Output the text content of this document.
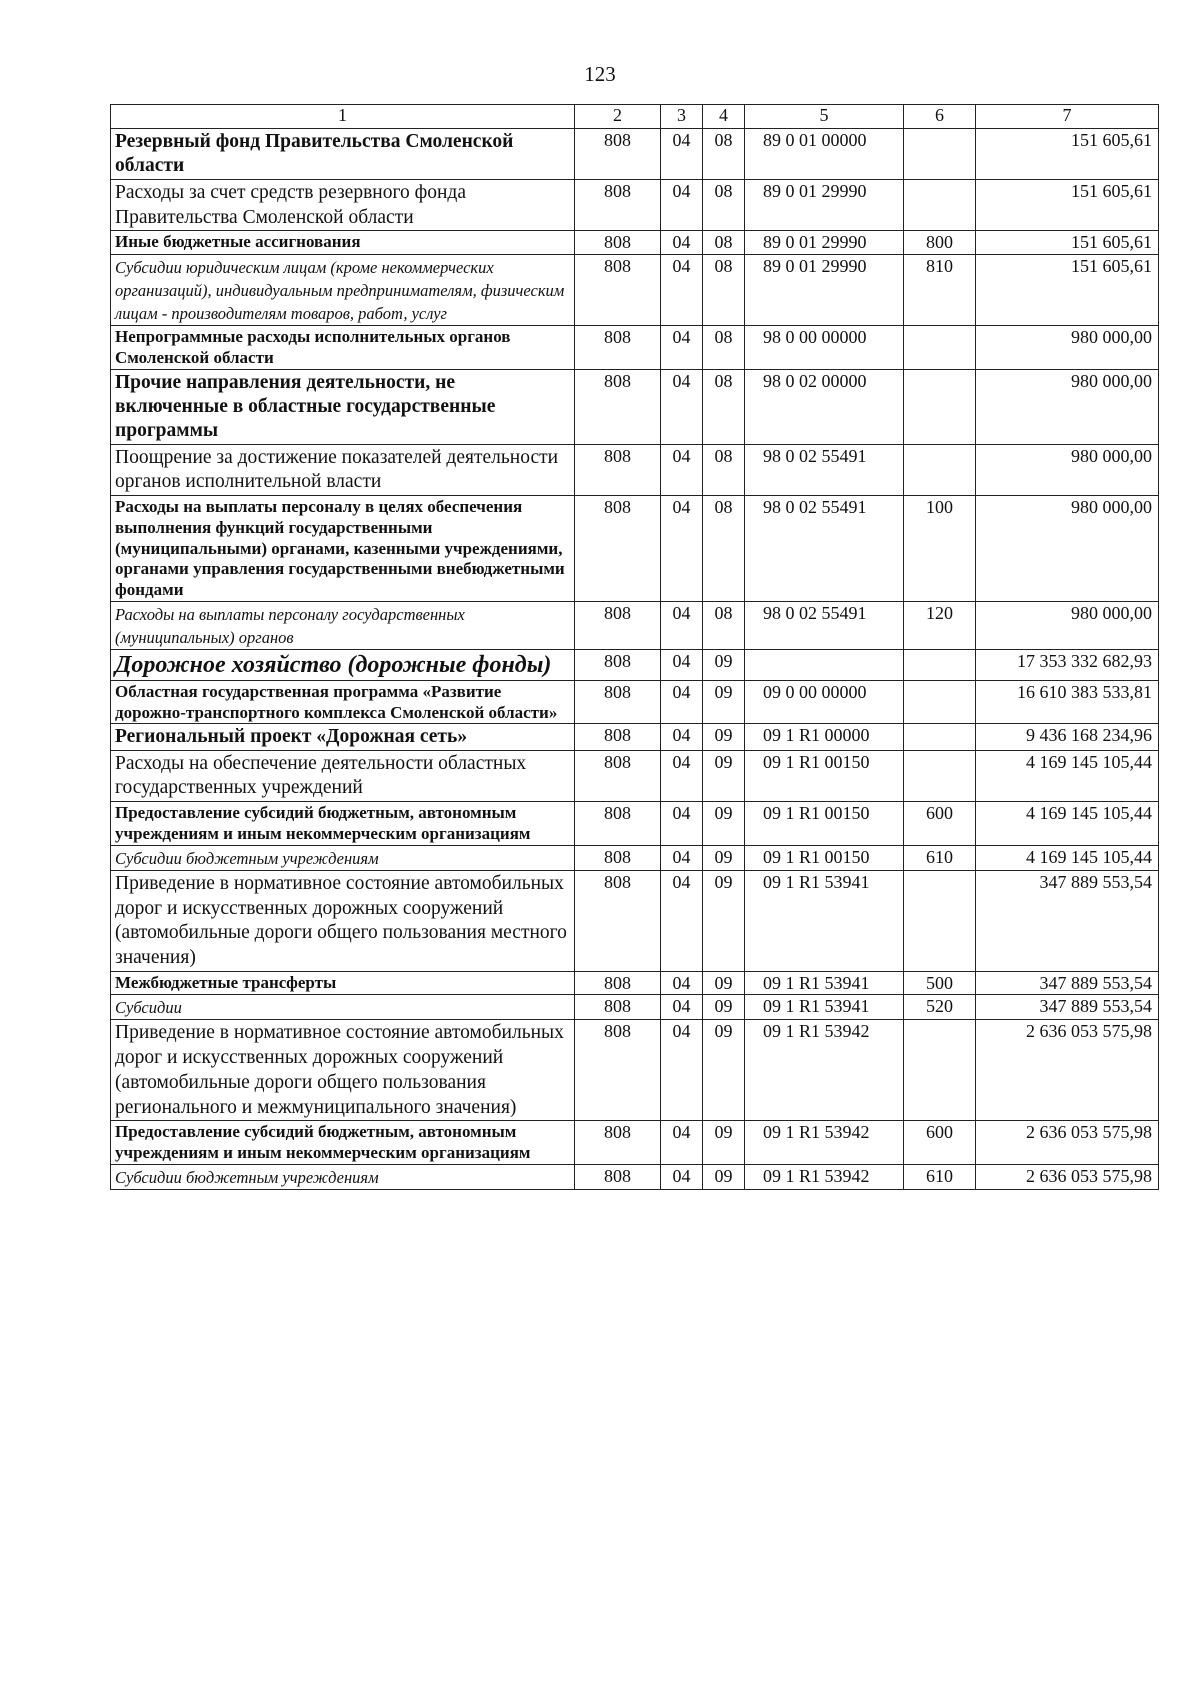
123
1	2	3	4	5	6	7
Резервный фонд Правительства Смоленской области	808	04	08	89 0 01 00000		151 605,61
Расходы за счет средств резервного фонда Правительства Смоленской области	808	04	08	89 0 01 29990		151 605,61
Иные бюджетные ассигнования	808	04	08	89 0 01 29990	800	151 605,61
Субсидии юридическим лицам (кроме некоммерческих организаций), индивидуальным предпринимателям, физическим лицам - производителям товаров, работ, услуг	808	04	08	89 0 01 29990	810	151 605,61
Непрограммные расходы исполнительных органов Смоленской области	808	04	08	98 0 00 00000		980 000,00
Прочие направления деятельности, не включенные в областные государственные программы	808	04	08	98 0 02 00000		980 000,00
Поощрение за достижение показателей деятельности органов исполнительной власти	808	04	08	98 0 02 55491		980 000,00
Расходы на выплаты персоналу в целях обеспечения выполнения функций государственными (муниципальными) органами, казенными учреждениями, органами управления государственными внебюджетными фондами	808	04	08	98 0 02 55491	100	980 000,00
Расходы на выплаты персоналу государственных (муниципальных) органов	808	04	08	98 0 02 55491	120	980 000,00
Дорожное хозяйство (дорожные фонды)	808	04	09			17 353 332 682,93
Областная государственная программа «Развитие дорожно-транспортного комплекса Смоленской области»	808	04	09	09 0 00 00000		16 610 383 533,81
Региональный проект «Дорожная сеть»	808	04	09	09 1 R1 00000		9 436 168 234,96
Расходы на обеспечение деятельности областных государственных учреждений	808	04	09	09 1 R1 00150		4 169 145 105,44
Предоставление субсидий бюджетным, автономным учреждениям и иным некоммерческим организациям	808	04	09	09 1 R1 00150	600	4 169 145 105,44
Субсидии бюджетным учреждениям	808	04	09	09 1 R1 00150	610	4 169 145 105,44
Приведение в нормативное состояние автомобильных дорог и искусственных дорожных сооружений (автомобильные дороги общего пользования местного значения)	808	04	09	09 1 R1 53941		347 889 553,54
Межбюджетные трансферты	808	04	09	09 1 R1 53941	500	347 889 553,54
Субсидии	808	04	09	09 1 R1 53941	520	347 889 553,54
Приведение в нормативное состояние автомобильных дорог и искусственных дорожных сооружений (автомобильные дороги общего пользования регионального и межмуниципального значения)	808	04	09	09 1 R1 53942		2 636 053 575,98
Предоставление субсидий бюджетным, автономным учреждениям и иным некоммерческим организациям	808	04	09	09 1 R1 53942	600	2 636 053 575,98
Субсидии бюджетным учреждениям	808	04	09	09 1 R1 53942	610	2 636 053 575,98
